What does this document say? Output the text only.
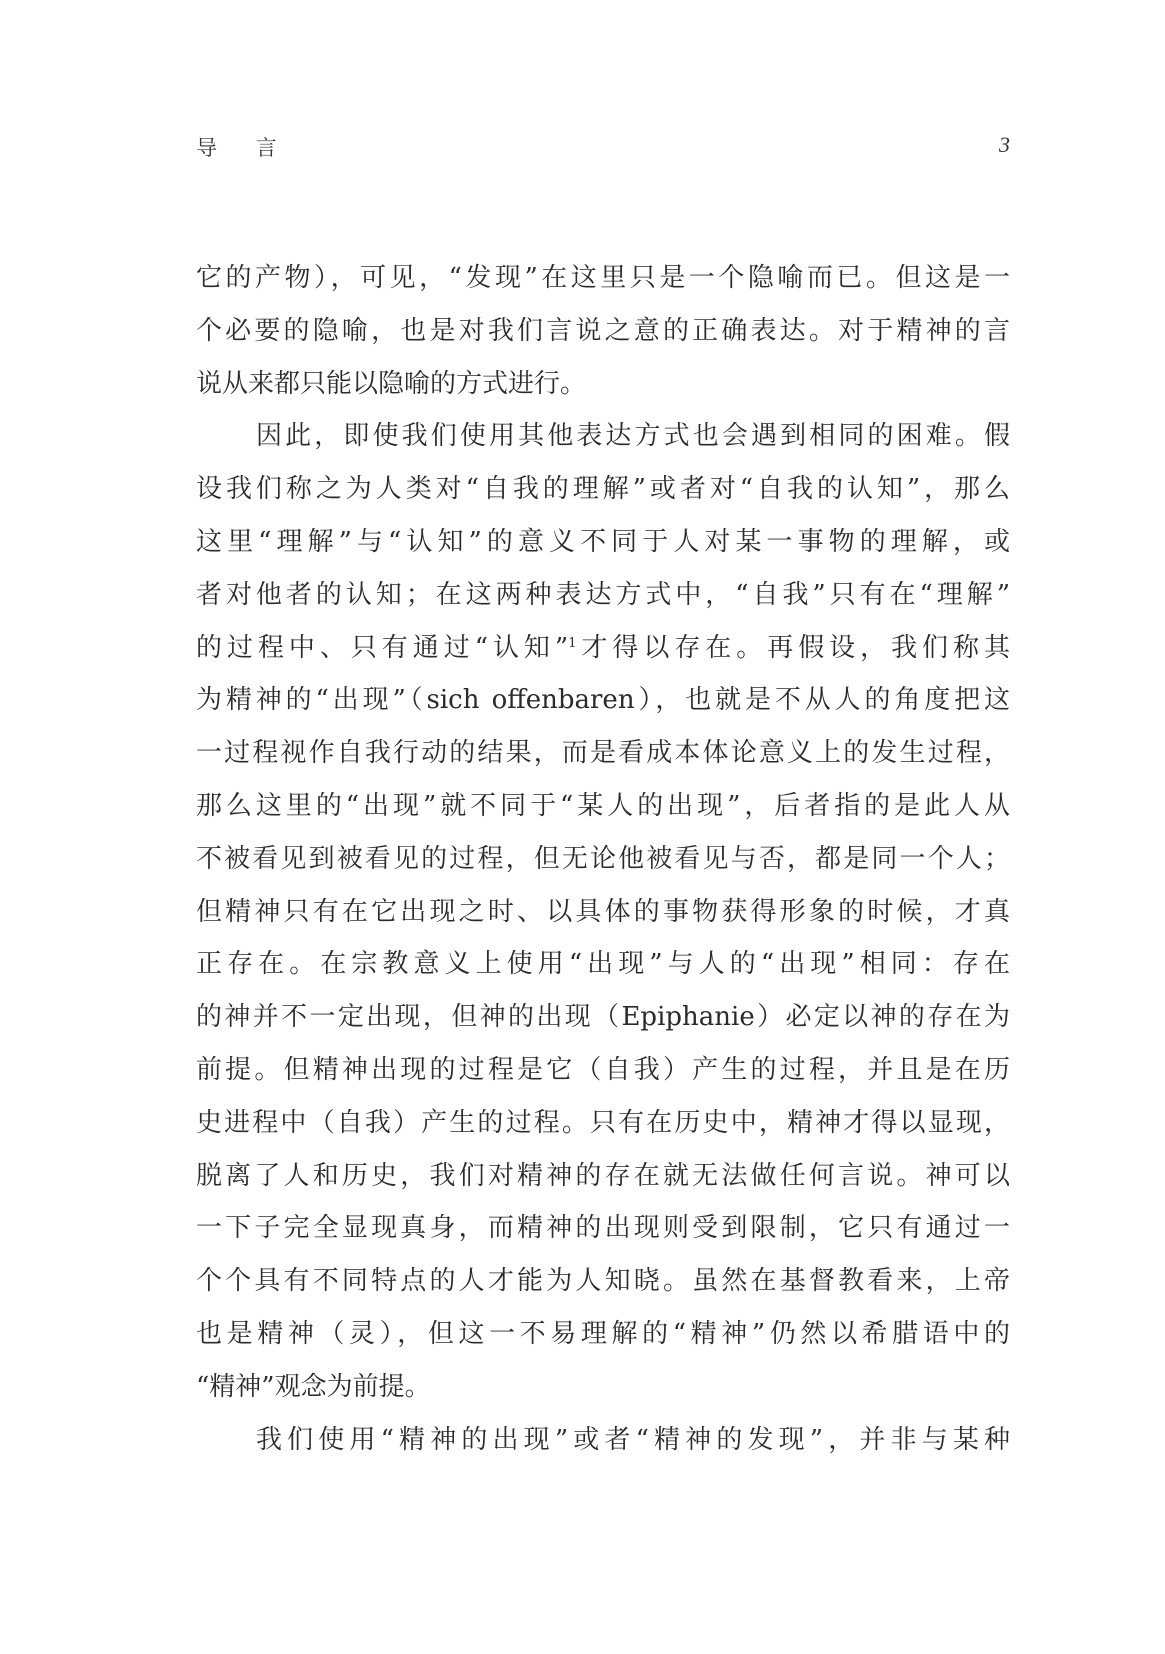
导 言	3

它的产物），可见，“发现”在这里只是一个隐喻而已。但这是一

个必要的隐喻，也是对我们言说之意的正确表达。对于精神的言

说从来都只能以隐喻的方式进行。

因此，即使我们使用其他表达方式也会遇到相同的困难。假

设我们称之为人类对“自我的理解”或者对“自我的认知”，那么

这里“理解”与“认知”的意义不同于人对某一事物的理解，或

者对他者的认知；在这两种表达方式中，“自我”只有在“理解”

的过程中、只有通过“认知”$^1$才得以存在。再假设，我们称其

为精神的“出现”（sich offenbaren），也就是不从人的角度把这

一过程视作自我行动的结果，而是看成本体论意义上的发生过程，

那么这里的“出现”就不同于“某人的出现”，后者指的是此人从

不被看见到被看见的过程，但无论他被看见与否，都是同一个人；

但精神只有在它出现之时、以具体的事物获得形象的时候，才真

正存在。在宗教意义上使用“出现”与人的“出现”相同：存在

的神并不一定出现，但神的出现（Epiphanie）必定以神的存在为

前提。但精神出现的过程是它（自我）产生的过程，并且是在历

史进程中（自我）产生的过程。只有在历史中，精神才得以显现，

脱离了人和历史，我们对精神的存在就无法做任何言说。神可以

一下子完全显现真身，而精神的出现则受到限制，它只有通过一

个个具有不同特点的人才能为人知晓。虽然在基督教看来，上帝

也是精神（灵），但这一不易理解的“精神”仍然以希腊语中的

“精神”观念为前提。

我们使用“精神的出现”或者“精神的发现”，并非与某种
